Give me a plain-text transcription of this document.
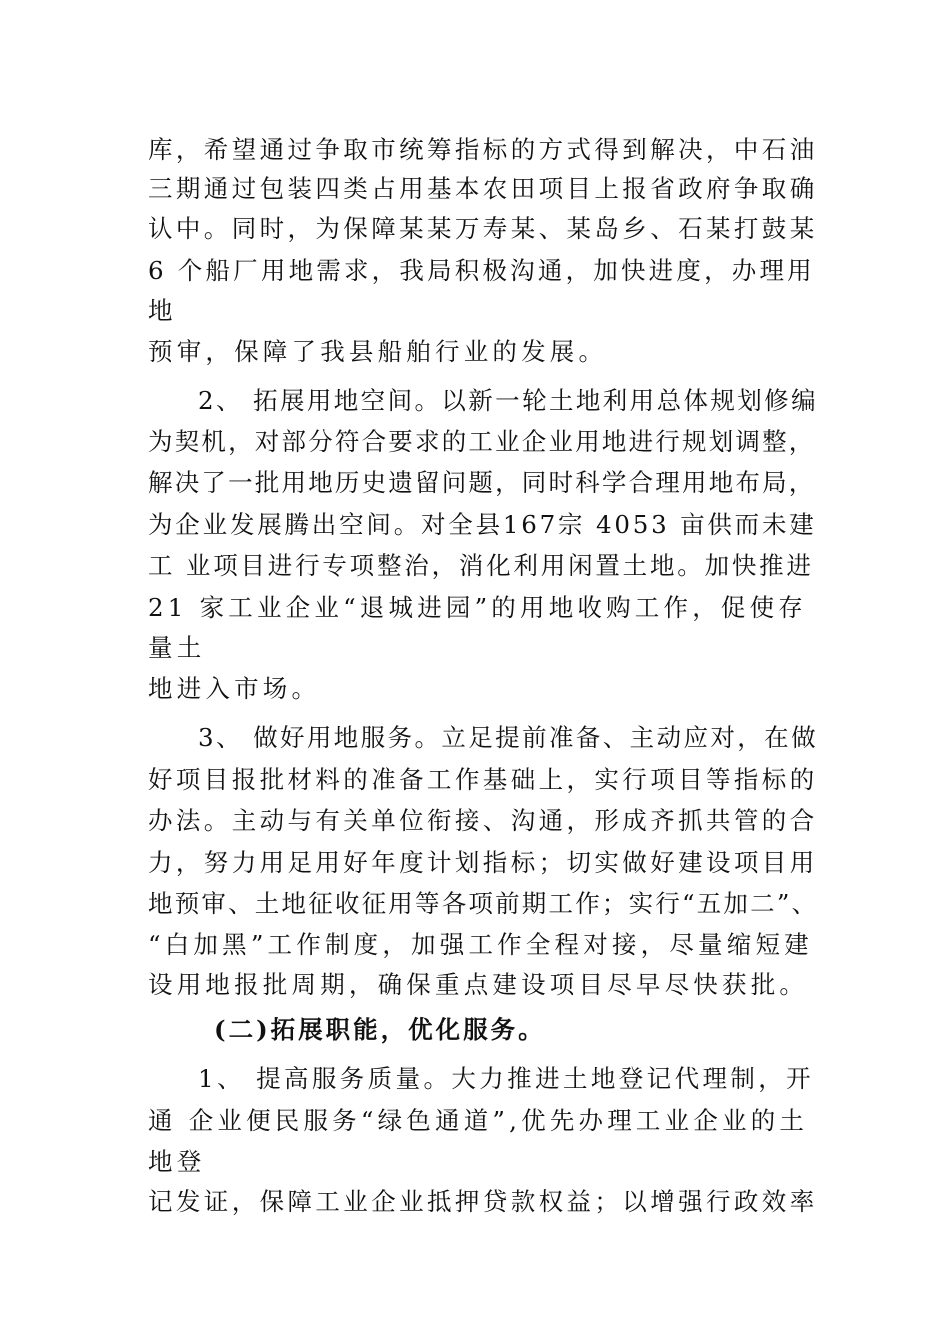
库，希望通过争取市统筹指标的方式得到解决，中石油
三期通过包装四类占用基本农田项目上报省政府争取确
认中。同时，为保障某某万寿某、某岛乡、石某打鼓某
6 个船厂用地需求，我局积极沟通，加快进度，办理用
地
预审，保障了我县船舶行业的发展。
2、 拓展用地空间。以新一轮土地利用总体规划修编
为契机，对部分符合要求的工业企业用地进行规划调整，
解决了一批用地历史遗留问题，同时科学合理用地布局，
为企业发展腾出空间。对全县167宗 4053 亩供而未建
工 业项目进行专项整治，消化利用闲置土地。加快推进
21 家工业企业“退城进园”的用地收购工作，促使存
量土
地进入市场。
3、 做好用地服务。立足提前准备、主动应对，在做
好项目报批材料的准备工作基础上，实行项目等指标的
办法。主动与有关单位衔接、沟通，形成齐抓共管的合
力，努力用足用好年度计划指标；切实做好建设项目用
地预审、土地征收征用等各项前期工作；实行“五加二”、
“白加黑”工作制度，加强工作全程对接，尽量缩短建
设用地报批周期，确保重点建设项目尽早尽快获批。
(二)拓展职能，优化服务。
1、 提高服务质量。大力推进土地登记代理制，开
通 企业便民服务“绿色通道”,优先办理工业企业的土
地登
记发证，保障工业企业抵押贷款权益；以增强行政效率
